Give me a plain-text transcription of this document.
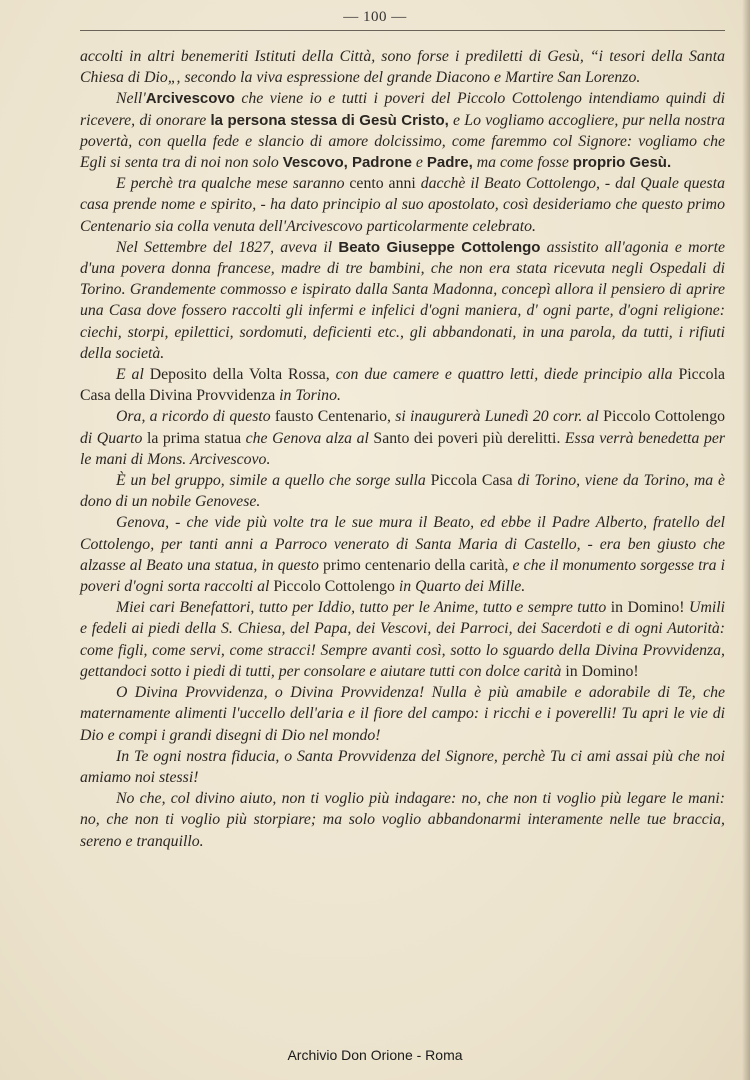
— 100 —

accolti in altri benemeriti Istituti della Città, sono forse i prediletti di Gesù, “i tesori della Santa Chiesa di Dio„, secondo la viva espressione del grande Diacono e Martire San Lorenzo.

Nell'Arcivescovo che viene io e tutti i poveri del Piccolo Cottolengo intendiamo quindi di ricevere, di onorare la persona stessa di Gesù Cristo, e Lo vogliamo accogliere, pur nella nostra povertà, con quella fede e slancio di amore dolcissimo, come faremmo col Signore: vogliamo che Egli si senta tra di noi non solo Vescovo, Padrone e Padre, ma come fosse proprio Gesù.

E perchè tra qualche mese saranno cento anni dacchè il Beato Cottolengo, - dal Quale questa casa prende nome e spirito, - ha dato principio al suo apostolato, così desideriamo che questo primo Centenario sia colla venuta dell'Arcivescovo particolarmente celebrato.

Nel Settembre del 1827, aveva il Beato Giuseppe Cottolengo assistito all'agonia e morte d'una povera donna francese, madre di tre bambini, che non era stata ricevuta negli Ospedali di Torino. Grandemente commosso e ispirato dalla Santa Madonna, concepì allora il pensiero di aprire una Casa dove fossero raccolti gli infermi e infelici d'ogni maniera, d' ogni parte, d'ogni religione: ciechi, storpi, epilettici, sordomuti, deficienti etc., gli abbandonati, in una parola, da tutti, i rifiuti della società.

E al Deposito della Volta Rossa, con due camere e quattro letti, diede principio alla Piccola Casa della Divina Provvidenza in Torino.

Ora, a ricordo di questo fausto Centenario, si inaugurerà Lunedì 20 corr. al Piccolo Cottolengo di Quarto la prima statua che Genova alza al Santo dei poveri più derelitti. Essa verrà benedetta per le mani di Mons. Arcivescovo.

È un bel gruppo, simile a quello che sorge sulla Piccola Casa di Torino, viene da Torino, ma è dono di un nobile Genovese.

Genova, - che vide più volte tra le sue mura il Beato, ed ebbe il Padre Alberto, fratello del Cottolengo, per tanti anni a Parroco venerato di Santa Maria di Castello, - era ben giusto che alzasse al Beato una statua, in questo primo centenario della carità, e che il monumento sorgesse tra i poveri d'ogni sorta raccolti al Piccolo Cottolengo in Quarto dei Mille.

Miei cari Benefattori, tutto per Iddio, tutto per le Anime, tutto e sempre tutto in Domino! Umili e fedeli ai piedi della S. Chiesa, del Papa, dei Vescovi, dei Parroci, dei Sacerdoti e di ogni Autorità: come figli, come servi, come stracci! Sempre avanti così, sotto lo sguardo della Divina Provvidenza, gettandoci sotto i piedi di tutti, per consolare e aiutare tutti con dolce carità in Domino!

O Divina Provvidenza, o Divina Provvidenza! Nulla è più amabile e adorabile di Te, che maternamente alimenti l'uccello dell'aria e il fiore del campo: i ricchi e i poverelli! Tu apri le vie di Dio e compi i grandi disegni di Dio nel mondo!

In Te ogni nostra fiducia, o Santa Provvidenza del Signore, perchè Tu ci ami assai più che noi amiamo noi stessi!

No che, col divino aiuto, non ti voglio più indagare: no, che non ti voglio più legare le mani: no, che non ti voglio più storpiare; ma solo voglio abbandonarmi interamente nelle tue braccia, sereno e tranquillo.

Archivio Don Orione - Roma
